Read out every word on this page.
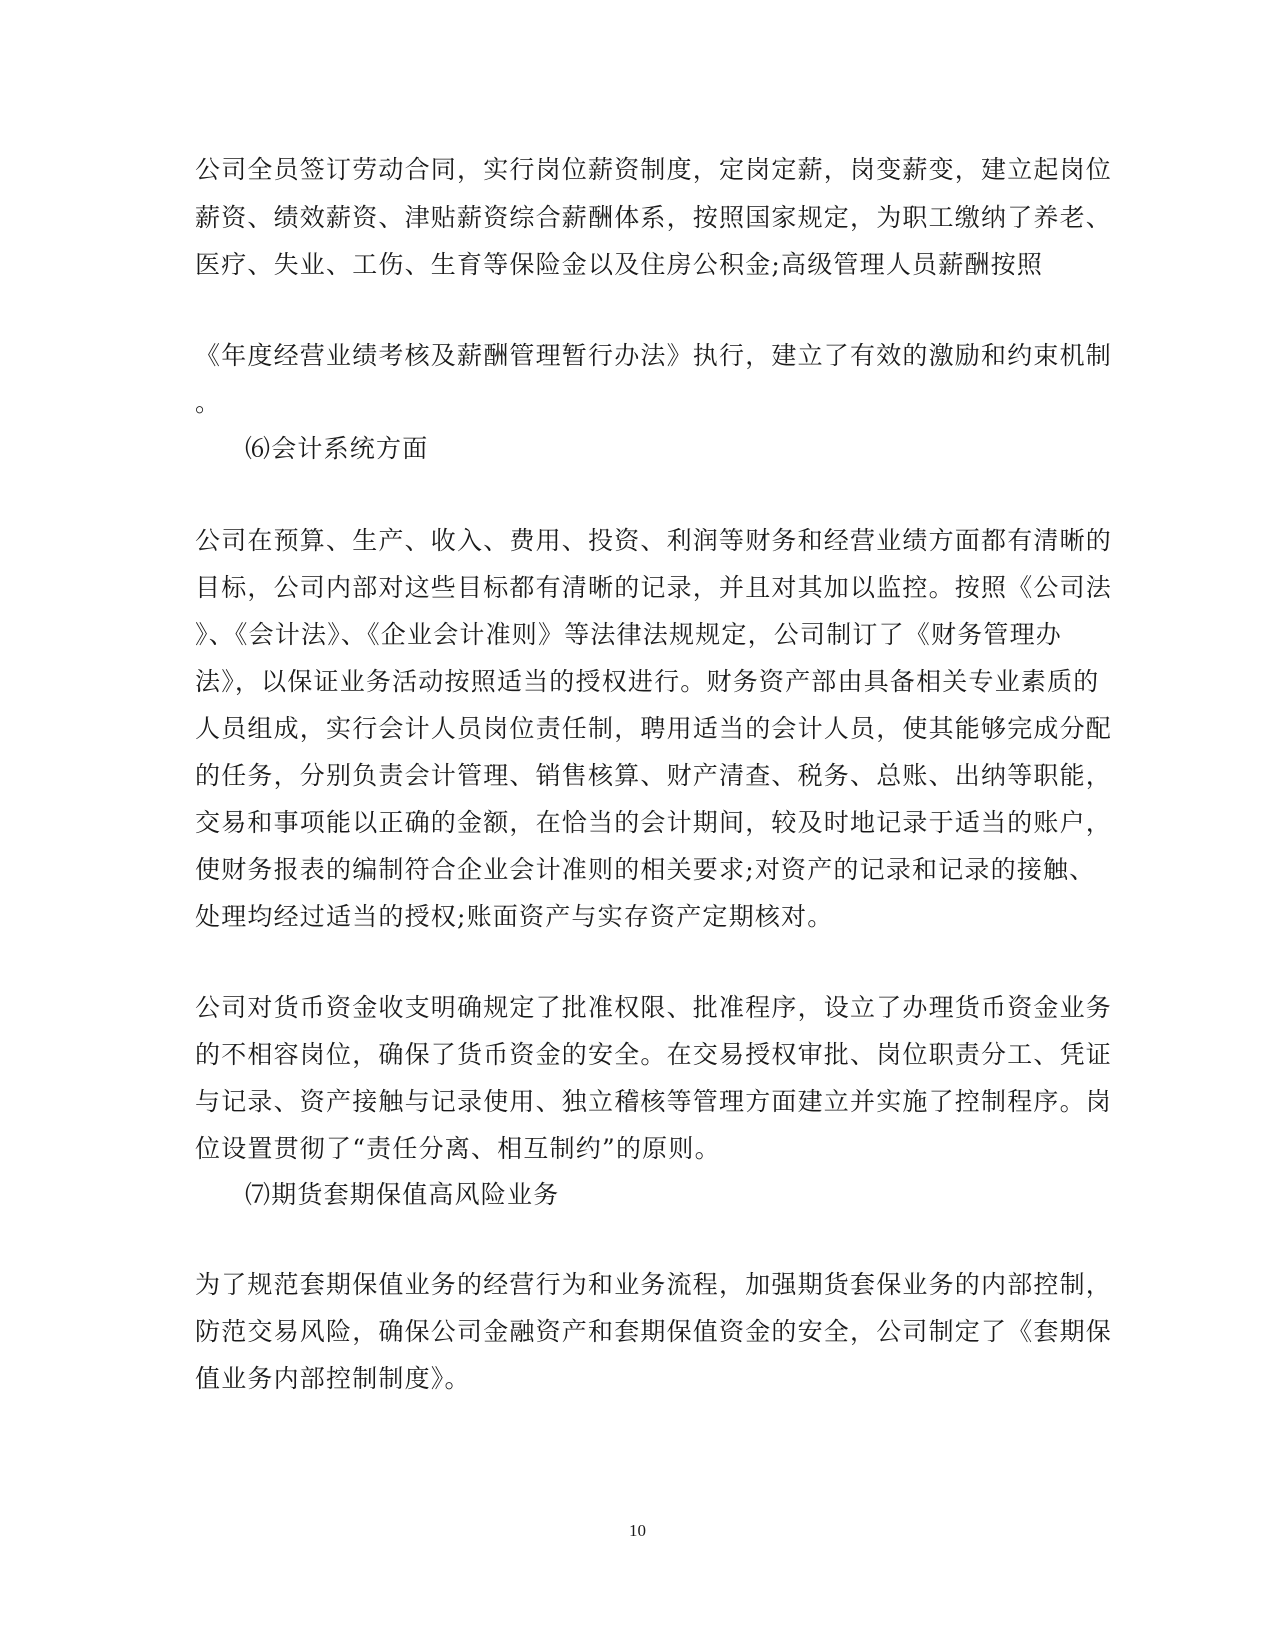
公司全员签订劳动合同，实行岗位薪资制度，定岗定薪，岗变薪变，建立起岗位
薪资、绩效薪资、津贴薪资综合薪酬体系，按照国家规定，为职工缴纳了养老、
医疗、失业、工伤、生育等保险金以及住房公积金;高级管理人员薪酬按照
《年度经营业绩考核及薪酬管理暂行办法》执行，建立了有效的激励和约束机制
。
⑹会计系统方面
公司在预算、生产、收入、费用、投资、利润等财务和经营业绩方面都有清晰的
目标，公司内部对这些目标都有清晰的记录，并且对其加以监控。按照《公司法
》、《会计法》、《企业会计准则》等法律法规规定，公司制订了《财务管理办
法》，以保证业务活动按照适当的授权进行。财务资产部由具备相关专业素质的
人员组成，实行会计人员岗位责任制，聘用适当的会计人员，使其能够完成分配
的任务，分别负责会计管理、销售核算、财产清查、税务、总账、出纳等职能，
交易和事项能以正确的金额，在恰当的会计期间，较及时地记录于适当的账户，
使财务报表的编制符合企业会计准则的相关要求;对资产的记录和记录的接触、
处理均经过适当的授权;账面资产与实存资产定期核对。
公司对货币资金收支明确规定了批准权限、批准程序，设立了办理货币资金业务
的不相容岗位，确保了货币资金的安全。在交易授权审批、岗位职责分工、凭证
与记录、资产接触与记录使用、独立稽核等管理方面建立并实施了控制程序。岗
位设置贯彻了“责任分离、相互制约”的原则。
⑺期货套期保值高风险业务
为了规范套期保值业务的经营行为和业务流程，加强期货套保业务的内部控制，
防范交易风险，确保公司金融资产和套期保值资金的安全，公司制定了《套期保
值业务内部控制制度》。
10
